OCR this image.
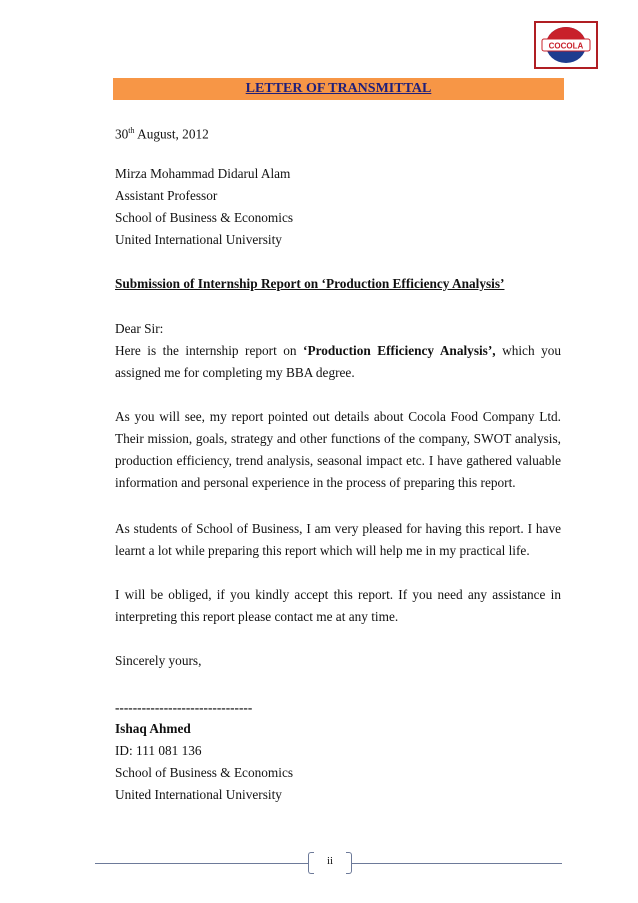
COCOLA
LETTER OF TRANSMITTAL

30th August, 2012

Mirza Mohammad Didarul Alam

Assistant Professor

School of Business & Economics

United International University

Submission of Internship Report on ‘Production Efficiency Analysis’

Dear Sir:

Here is the internship report on ‘Production Efficiency Analysis’, which you assigned me for completing my BBA degree.

As you will see, my report pointed out details about Cocola Food Company Ltd. Their mission, goals, strategy and other functions of the company, SWOT analysis, production efficiency, trend analysis, seasonal impact etc. I have gathered valuable information and personal experience in the process of preparing this report.

As students of School of Business, I am very pleased for having this report. I have learnt a lot while preparing this report which will help me in my practical life.

I will be obliged, if you kindly accept this report. If you need any assistance in interpreting this report please contact me at any time.

Sincerely yours,

-------------------------------

Ishaq Ahmed

ID: 111 081 136

School of Business & Economics

United International University

ii
